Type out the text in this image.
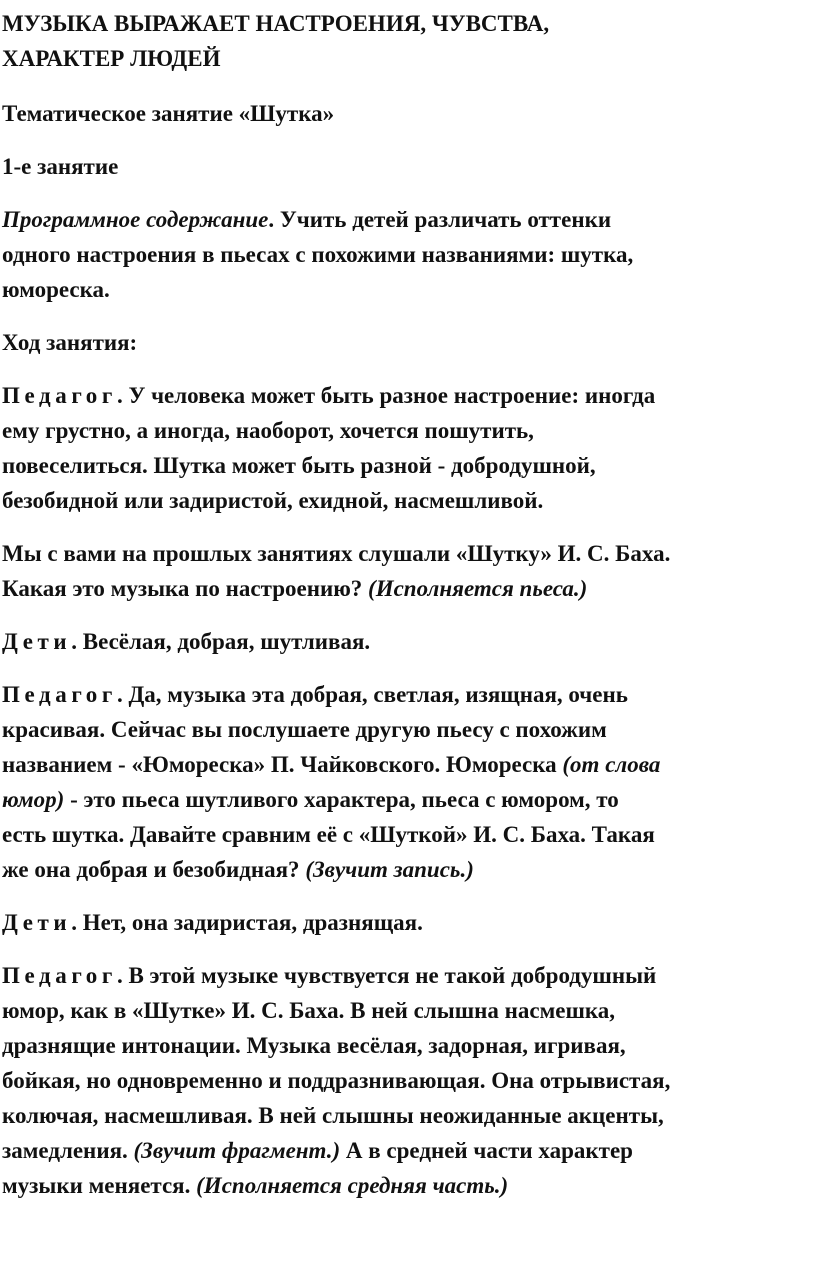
МУЗЫКА ВЫРАЖАЕТ НАСТРОЕНИЯ, ЧУВСТВА,
ХАРАКТЕР ЛЮДЕЙ

Тематическое занятие «Шутка»

1-е занятие

Программное содержание. Учить детей различать оттенки
одного настроения в пьесах с похожими названиями: шутка,
юмореска.

Ход занятия:

Педагог. У человека может быть разное настроение: иногда
ему грустно, а иногда, наоборот, хочется пошутить,
повеселиться. Шутка может быть разной - добродушной,
безобидной или задиристой, ехидной, насмешливой.

Мы с вами на прошлых занятиях слушали «Шутку» И. С. Баха.
Какая это музыка по настроению? (Исполняется пьеса.)

Дети. Весёлая, добрая, шутливая.

Педагог. Да, музыка эта добрая, светлая, изящная, очень
красивая. Сейчас вы послушаете другую пьесу с похожим
названием - «Юмореска» П. Чайковского. Юмореска (от слова
юмор) - это пьеса шутливого характера, пьеса с юмором, то
есть шутка. Давайте сравним её с «Шуткой» И. С. Баха. Такая
же она добрая и безобидная? (Звучит запись.)

Дети. Нет, она задиристая, дразнящая.

Педагог. В этой музыке чувствуется не такой добродушный
юмор, как в «Шутке» И. С. Баха. В ней слышна насмешка,
дразнящие интонации. Музыка весёлая, задорная, игривая,
бойкая, но одновременно и поддразнивающая. Она отрывистая,
колючая, насмешливая. В ней слышны неожиданные акценты,
замедления. (Звучит фрагмент.) А в средней части характер
музыки меняется. (Исполняется средняя часть.)
